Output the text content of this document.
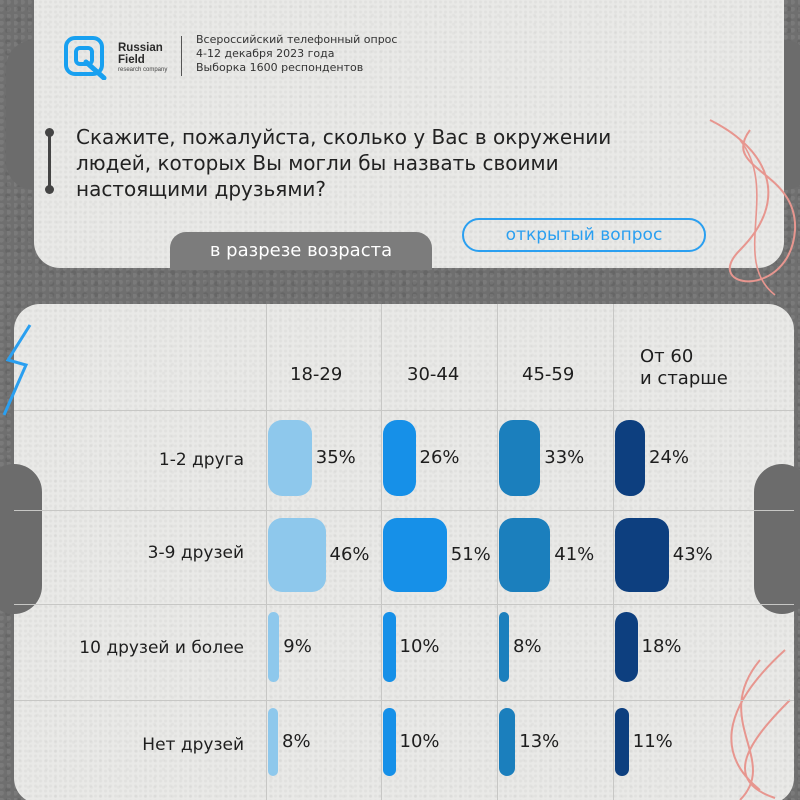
Russian
Field
research company
Всероссийский телефонный опрос
4-12 декабря 2023 года
Выборка 1600 респондентов
Скажите, пожалуйста, сколько у Вас в окружении людей, которых Вы могли бы назвать своими настоящими друзьями?
в разрезе возраста
открытый вопрос
18-29	30-44	45-59
От 60
и старше
1-2 друга
3-9 друзей
10 друзей и более
Нет друзей
35%
46%
9%
8%
26%
51%
10%
10%
33%
41%
8%
13%
24%
43%
18%
11%
